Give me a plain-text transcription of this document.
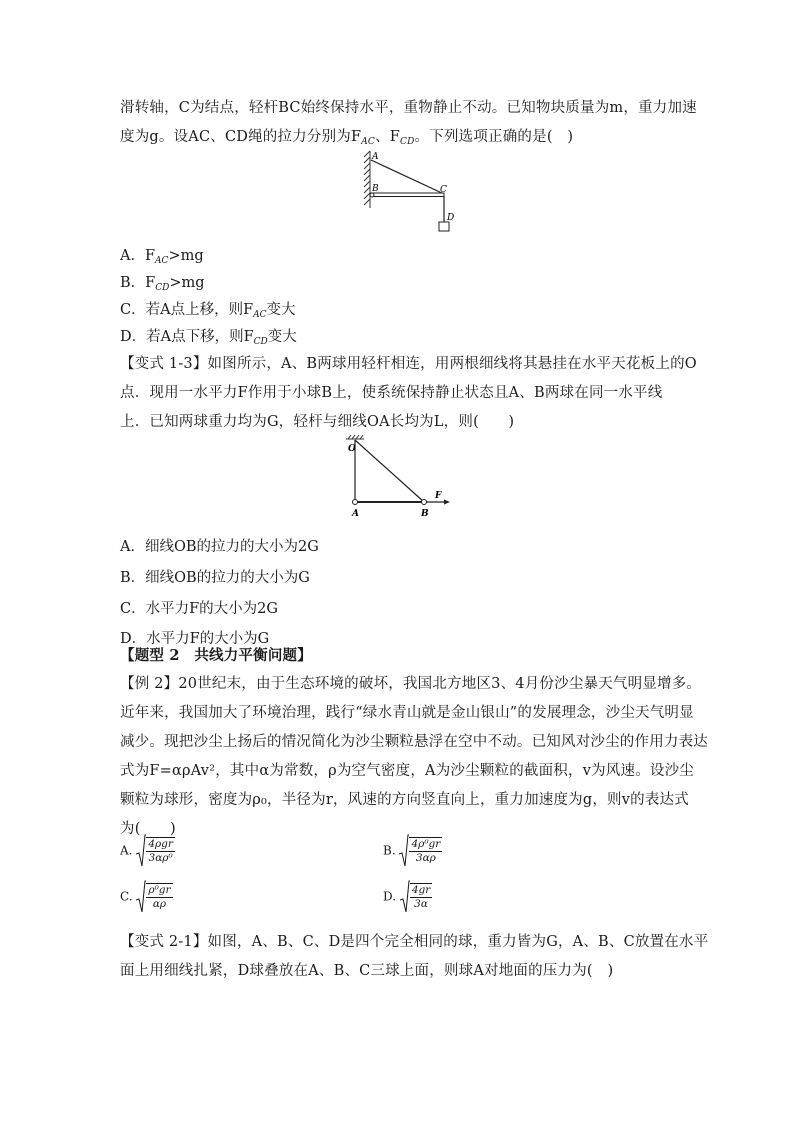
滑转轴，C为结点，轻杆BC始终保持水平，重物静止不动。已知物块质量为m，重力加速
度为g。设AC、CD绳的拉力分别为$F_{AC}$、$F_{CD}$。下列选项正确的是(　)
A
B	C
D
A．$F_{AC}>mg$
B．$F_{CD}>mg$
C．若A点上移，则$F_{AC}$变大
D．若A点下移，则$F_{CD}$变大
【变式 1-3】如图所示，A、B两球用轻杆相连，用两根细线将其悬挂在水平天花板上的O
点．现用一水平力F作用于小球B上，使系统保持静止状态且A、B两球在同一水平线
上．已知两球重力均为G，轻杆与细线OA长均为L，则(　　)
O
A	B
F
A．细线OB的拉力的大小为2G
B．细线OB的拉力的大小为G
C．水平力F的大小为2G
D．水平力F的大小为G
【题型 2　共线力平衡问题】
【例 2】20世纪末，由于生态环境的破坏，我国北方地区3、4月份沙尘暴天气明显增多。
近年来，我国加大了环境治理，践行“绿水青山就是金山银山”的发展理念，沙尘天气明显
减少。现把沙尘上扬后的情况简化为沙尘颗粒悬浮在空中不动。已知风对沙尘的作用力表达
式为F=αρAv²，其中α为常数，ρ为空气密度，A为沙尘颗粒的截面积，v为风速。设沙尘
颗粒为球形，密度为ρ₀，半径为r，风速的方向竖直向上，重力加速度为g，则v的表达式
为(　　)
A. $\frac{\text{4ρgr}}{\text{3αρ⁰}}$	B. $\frac{\text{4ρ⁰gr}}{3\alpha\rho}$
C. $\frac{\text{ρ⁰gr}}{\alpha\rho}$	D. $\frac{4gr}{3\alpha}$
【变式 2-1】如图，A、B、C、D是四个完全相同的球，重力皆为G，A、B、C放置在水平
面上用细线扎紧，D球叠放在A、B、C三球上面，则球A对地面的压力为(　)
